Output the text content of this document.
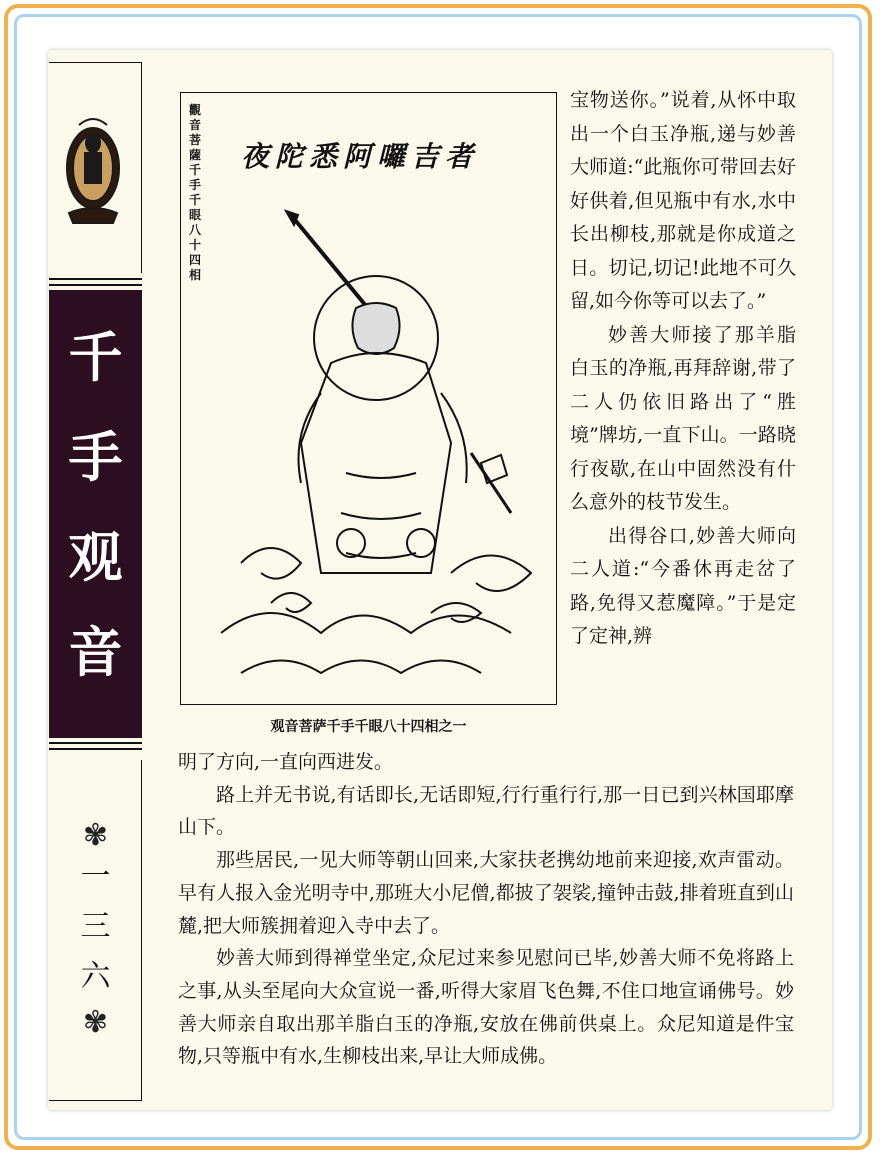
千
手
观
音
✾
一
三
六
✾
觀音菩薩千手千眼八十四相
夜陀悉阿囉吉者
观音菩萨千手千眼八十四相之一

宝物送你。”说着,从怀中取出一个白玉净瓶,递与妙善大师道:“此瓶你可带回去好好供着,但见瓶中有水,水中长出柳枝,那就是你成道之日。切记,切记!此地不可久留,如今你等可以去了。”

妙善大师接了那羊脂白玉的净瓶,再拜辞谢,带了二人仍依旧路出了“胜境”牌坊,一直下山。一路晓行夜歇,在山中固然没有什么意外的枝节发生。

出得谷口,妙善大师向二人道:“今番休再走岔了路,免得又惹魔障。”于是定了定神,辨

明了方向,一直向西进发。

路上并无书说,有话即长,无话即短,行行重行行,那一日已到兴林国耶摩山下。

那些居民,一见大师等朝山回来,大家扶老携幼地前来迎接,欢声雷动。早有人报入金光明寺中,那班大小尼僧,都披了袈裟,撞钟击鼓,排着班直到山麓,把大师簇拥着迎入寺中去了。

妙善大师到得禅堂坐定,众尼过来参见慰问已毕,妙善大师不免将路上之事,从头至尾向大众宣说一番,听得大家眉飞色舞,不住口地宣诵佛号。妙善大师亲自取出那羊脂白玉的净瓶,安放在佛前供桌上。众尼知道是件宝物,只等瓶中有水,生柳枝出来,早让大师成佛。
